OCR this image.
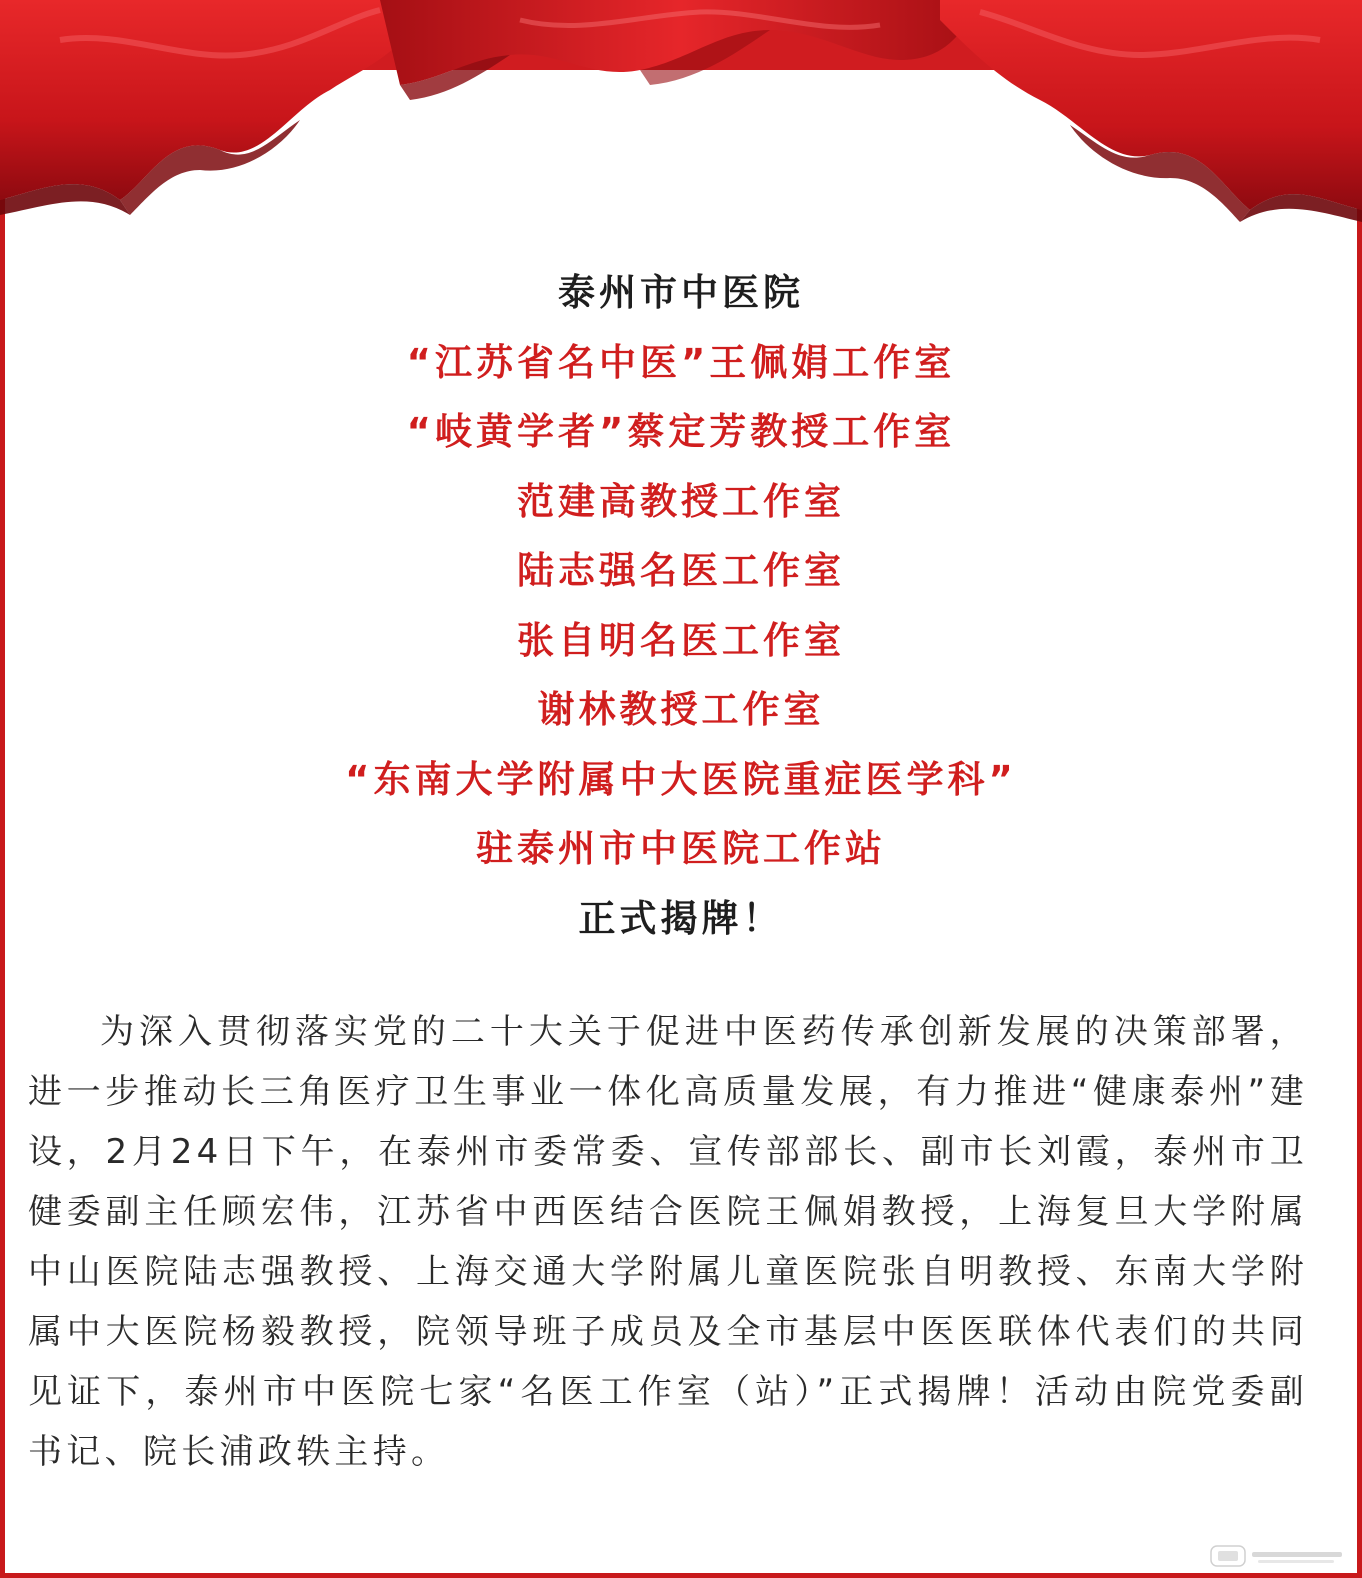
泰州市中医院
“江苏省名中医”王佩娟工作室
“岐黄学者”蔡定芳教授工作室
范建高教授工作室
陆志强名医工作室
张自明名医工作室
谢林教授工作室
“东南大学附属中大医院重症医学科”
驻泰州市中医院工作站
正式揭牌！

为深入贯彻落实党的二十大关于促进中医药传承创新发展的决策部署，进一步推动长三角医疗卫生事业一体化高质量发展，有力推进“健康泰州”建设，2月24日下午，在泰州市委常委、宣传部部长、副市长刘霞，泰州市卫健委副主任顾宏伟，江苏省中西医结合医院王佩娟教授，上海复旦大学附属中山医院陆志强教授、上海交通大学附属儿童医院张自明教授、东南大学附属中大医院杨毅教授，院领导班子成员及全市基层中医医联体代表们的共同见证下，泰州市中医院七家“名医工作室（站）”正式揭牌！活动由院党委副书记、院长浦政轶主持。
